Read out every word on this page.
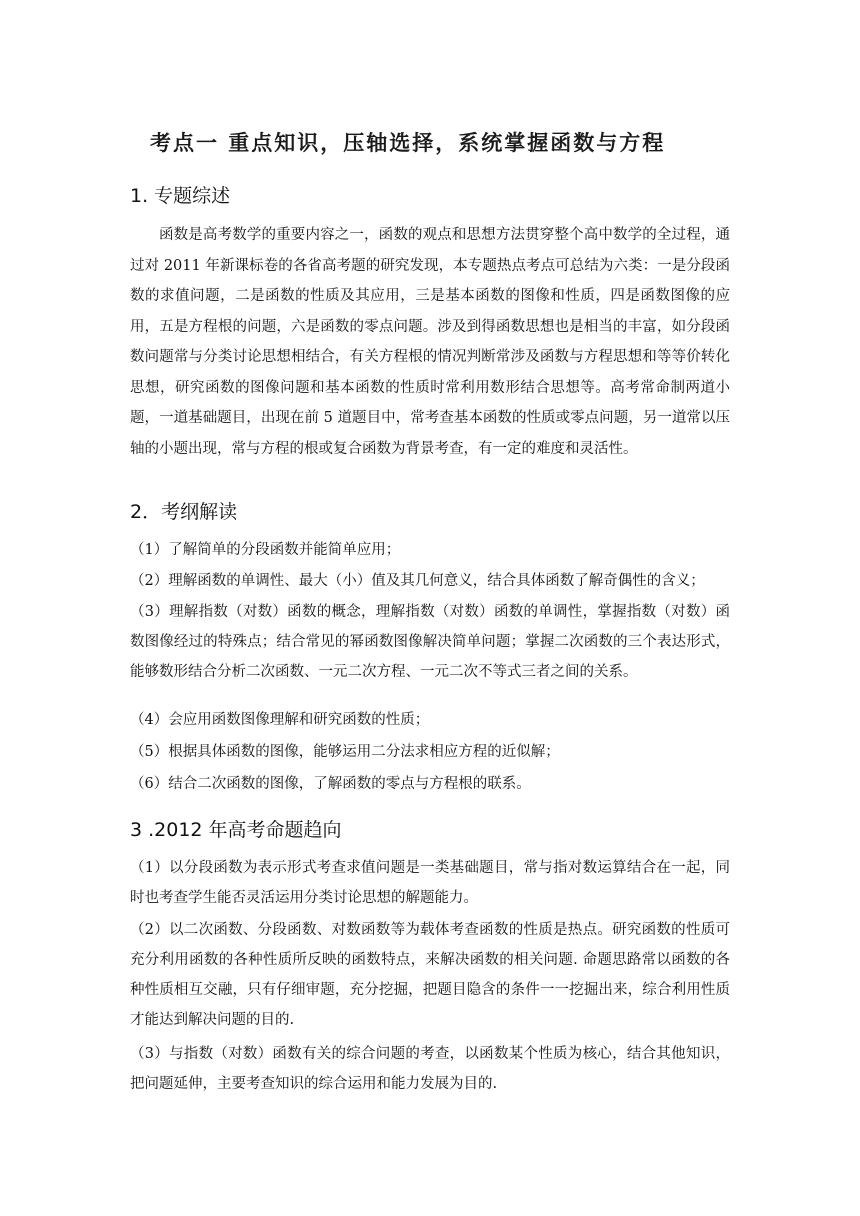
考点一 重点知识，压轴选择，系统掌握函数与方程
1. 专题综述
函数是高考数学的重要内容之一，函数的观点和思想方法贯穿整个高中数学的全过程，通过对 2011 年新课标卷的各省高考题的研究发现，本专题热点考点可总结为六类：一是分段函数的求值问题，二是函数的性质及其应用，三是基本函数的图像和性质，四是函数图像的应用，五是方程根的问题，六是函数的零点问题。涉及到得函数思想也是相当的丰富，如分段函数问题常与分类讨论思想相结合，有关方程根的情况判断常涉及函数与方程思想和等等价转化思想，研究函数的图像问题和基本函数的性质时常利用数形结合思想等。高考常命制两道小题，一道基础题目，出现在前 5 道题目中，常考查基本函数的性质或零点问题，另一道常以压轴的小题出现，常与方程的根或复合函数为背景考查，有一定的难度和灵活性。
2．考纲解读
（1）了解简单的分段函数并能简单应用；
（2）理解函数的单调性、最大（小）值及其几何意义，结合具体函数了解奇偶性的含义；
（3）理解指数（对数）函数的概念，理解指数（对数）函数的单调性，掌握指数（对数）函数图像经过的特殊点；结合常见的幂函数图像解决简单问题；掌握二次函数的三个表达形式，能够数形结合分析二次函数、一元二次方程、一元二次不等式三者之间的关系。
（4）会应用函数图像理解和研究函数的性质；
（5）根据具体函数的图像，能够运用二分法求相应方程的近似解；
（6）结合二次函数的图像，了解函数的零点与方程根的联系。
3 .2012 年高考命题趋向
（1）以分段函数为表示形式考查求值问题是一类基础题目，常与指对数运算结合在一起，同时也考查学生能否灵活运用分类讨论思想的解题能力。
（2）以二次函数、分段函数、对数函数等为载体考查函数的性质是热点。研究函数的性质可充分利用函数的各种性质所反映的函数特点，来解决函数的相关问题. 命题思路常以函数的各种性质相互交融，只有仔细审题，充分挖掘，把题目隐含的条件一一挖掘出来，综合利用性质才能达到解决问题的目的.
（3）与指数（对数）函数有关的综合问题的考查，以函数某个性质为核心，结合其他知识，把问题延伸，主要考查知识的综合运用和能力发展为目的.
